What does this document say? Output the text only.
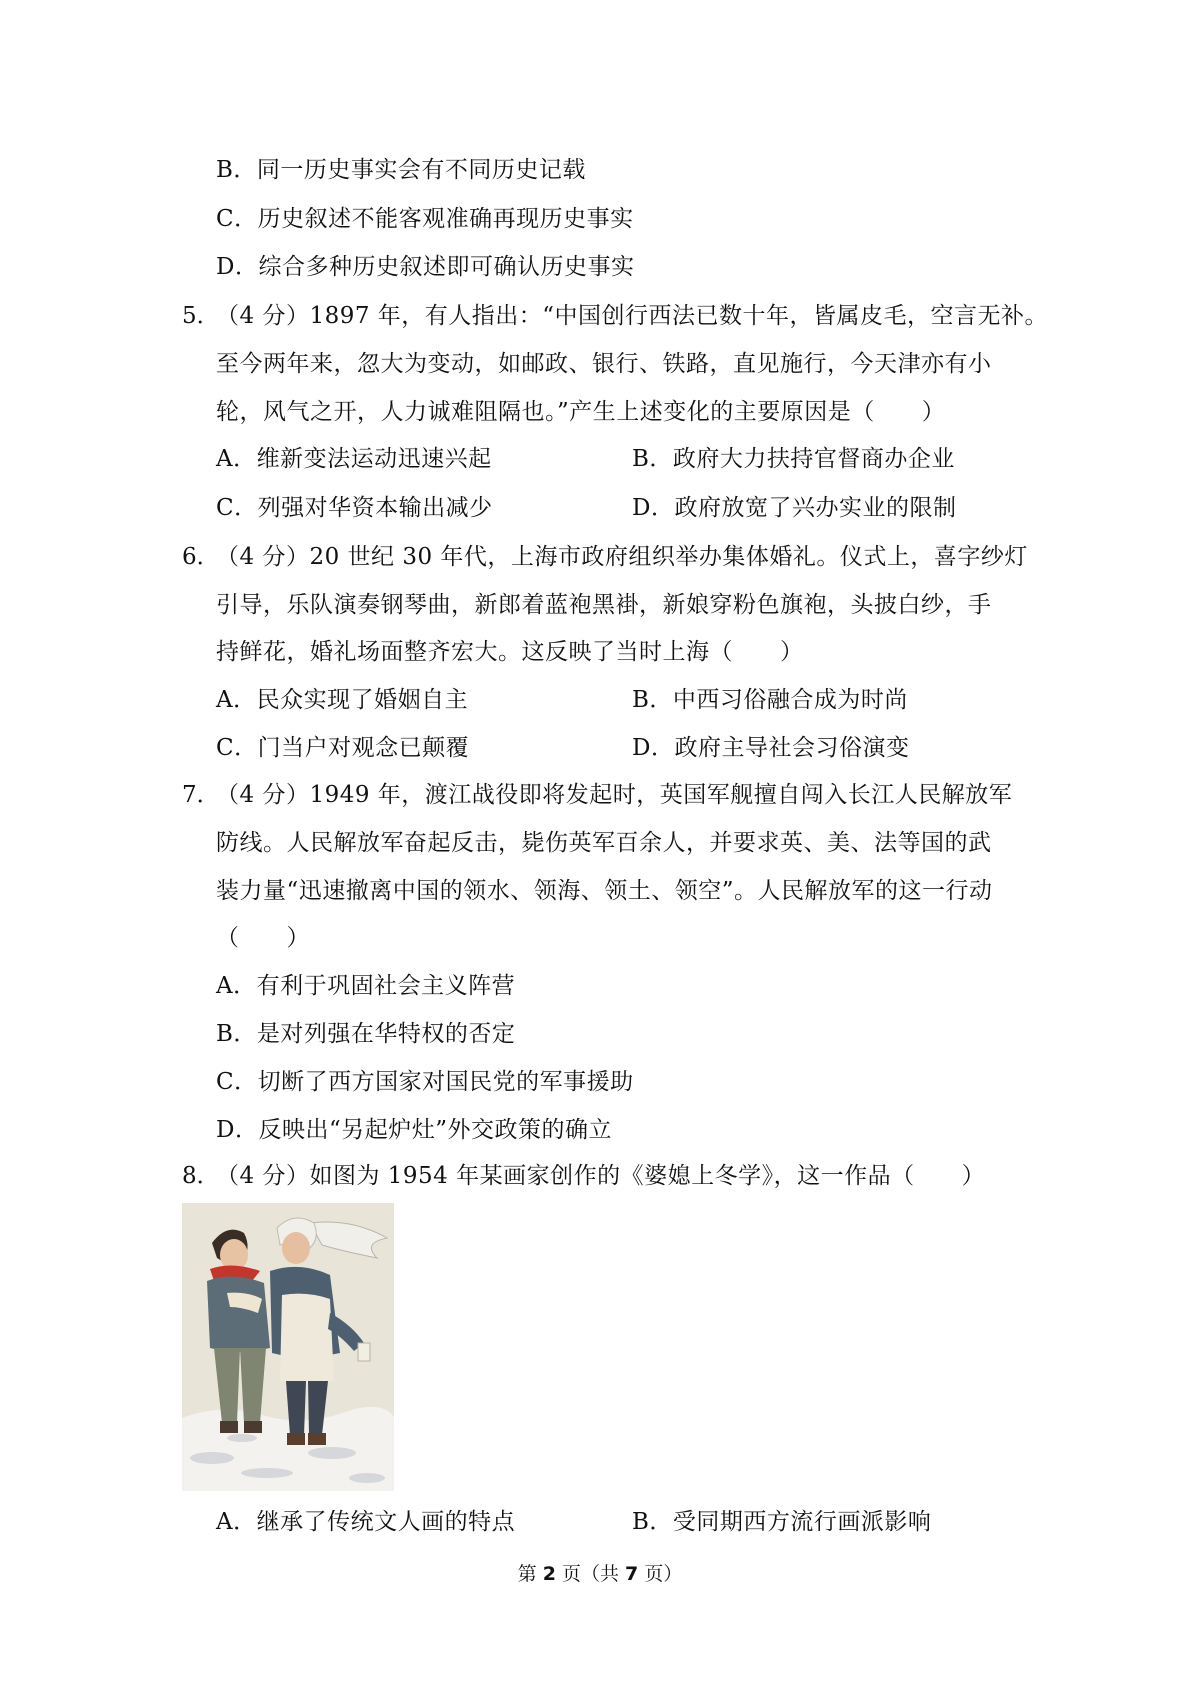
B．同一历史事实会有不同历史记载
C．历史叙述不能客观准确再现历史事实
D．综合多种历史叙述即可确认历史事实
5．
（4 分）1897 年，有人指出：“中国创行西法已数十年，皆属皮毛，空言无补。
至今两年来，忽大为变动，如邮政、银行、铁路，直见施行，今天津亦有小
轮，风气之开，人力诚难阻隔也。”产生上述变化的主要原因是（　　）
A．维新变法运动迅速兴起	B．政府大力扶持官督商办企业
C．列强对华资本输出减少	D．政府放宽了兴办实业的限制
6．
（4 分）20 世纪 30 年代，上海市政府组织举办集体婚礼。仪式上，喜字纱灯
引导，乐队演奏钢琴曲，新郎着蓝袍黑褂，新娘穿粉色旗袍，头披白纱，手
持鲜花，婚礼场面整齐宏大。这反映了当时上海（　　）
A．民众实现了婚姻自主	B．中西习俗融合成为时尚
C．门当户对观念已颠覆	D．政府主导社会习俗演变
7．
（4 分）1949 年，渡江战役即将发起时，英国军舰擅自闯入长江人民解放军
防线。人民解放军奋起反击，毙伤英军百余人，并要求英、美、法等国的武
装力量“迅速撤离中国的领水、领海、领土、领空”。人民解放军的这一行动
（　　）
A．有利于巩固社会主义阵营
B．是对列强在华特权的否定
C．切断了西方国家对国民党的军事援助
D．反映出“另起炉灶”外交政策的确立
8．
（4 分）如图为 1954 年某画家创作的《婆媳上冬学》，这一作品（　　）
A．继承了传统文人画的特点	B．受同期西方流行画派影响
第 2 页（共 7 页）
